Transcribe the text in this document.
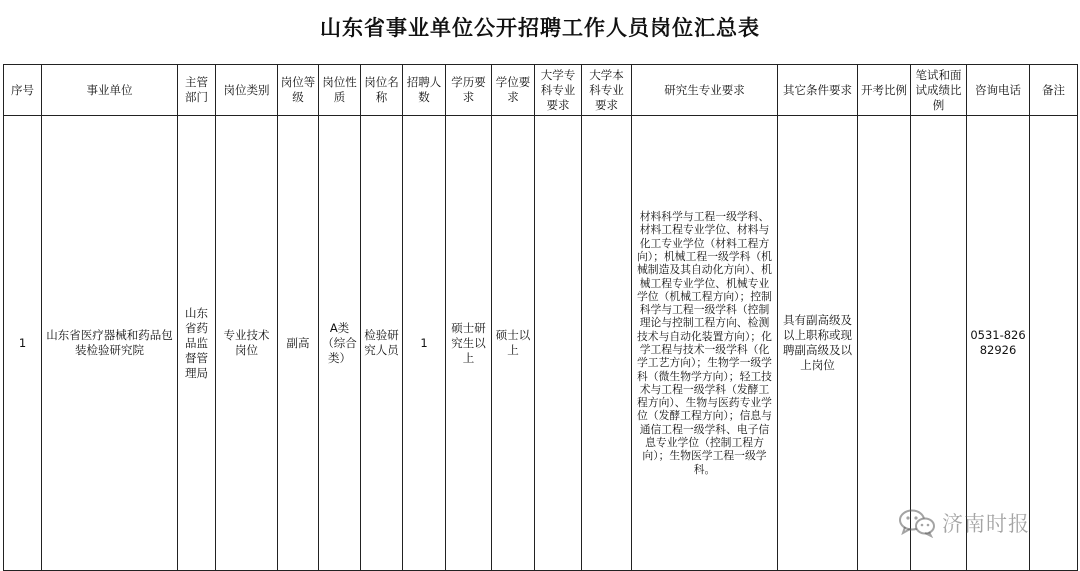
山东省事业单位公开招聘工作人员岗位汇总表
序号	事业单位	主管部门	岗位类别	岗位等级	岗位性质	岗位名称	招聘人数	学历要求	学位要求	大学专科专业要求	大学本科专业要求	研究生专业要求	其它条件要求	开考比例	笔试和面试成绩比例	咨询电话	备注
1	山东省医疗器械和药品包装检验研究院	山东省药品监督管理局	专业技术岗位	副高	A类（综合类）	检验研究人员	1	硕士研究生以上	硕士以上			材料科学与工程一级学科、材料工程专业学位、材料与化工专业学位（材料工程方向）；机械工程一级学科（机械制造及其自动化方向）、机械工程专业学位、机械专业学位（机械工程方向）；控制科学与工程一级学科（控制理论与控制工程方向、检测技术与自动化装置方向）；化学工程与技术一级学科（化学工艺方向）；生物学一级学科（微生物学方向）；轻工技术与工程一级学科（发酵工程方向）、生物与医药专业学位（发酵工程方向）；信息与通信工程一级学科、电子信息专业学位（控制工程方向）；生物医学工程一级学科。	具有副高级及以上职称或现聘副高级及以上岗位			0531-82682926	
济南时报
